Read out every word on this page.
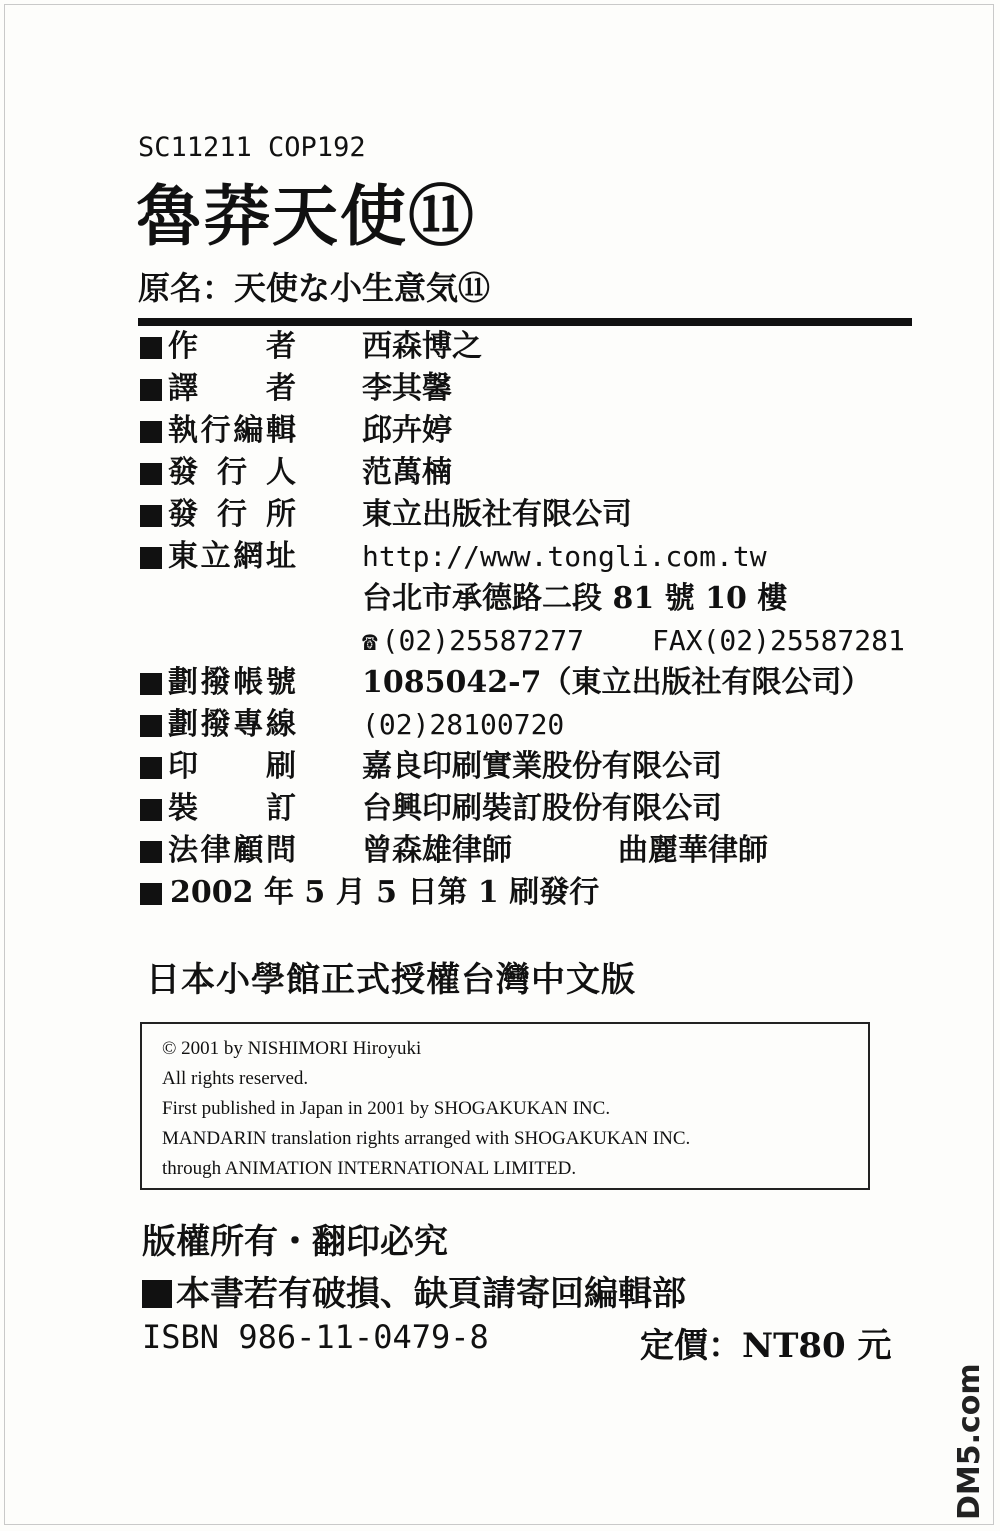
SC11211 COP192
魯莽天使⑪
原名：天使な小生意気⑪
作者 西森博之
譯者 李其馨
執行編輯 邱卉婷
發行人 范萬楠
發行所 東立出版社有限公司
東立網址 http://www.tongli.com.tw
台北市承德路二段 81 號 10 樓
☎ (02)25587277 FAX(02)25587281
劃撥帳號 1085042-7（東立出版社有限公司）
劃撥專線 (02)28100720
印刷 嘉良印刷實業股份有限公司
裝訂 台興印刷裝訂股份有限公司
法律顧問 曾森雄律師	曲麗華律師
2002 年 5 月 5 日第 1 刷發行
日本小學館正式授權台灣中文版
© 2001 by NISHIMORI Hiroyuki
All rights reserved.
First published in Japan in 2001 by SHOGAKUKAN INC.
MANDARIN translation rights arranged with SHOGAKUKAN INC.
through ANIMATION INTERNATIONAL LIMITED.
版權所有・翻印必究
本書若有破損、缺頁請寄回編輯部
ISBN 986-11-0479-8	定價：NT80 元
DM5.com
